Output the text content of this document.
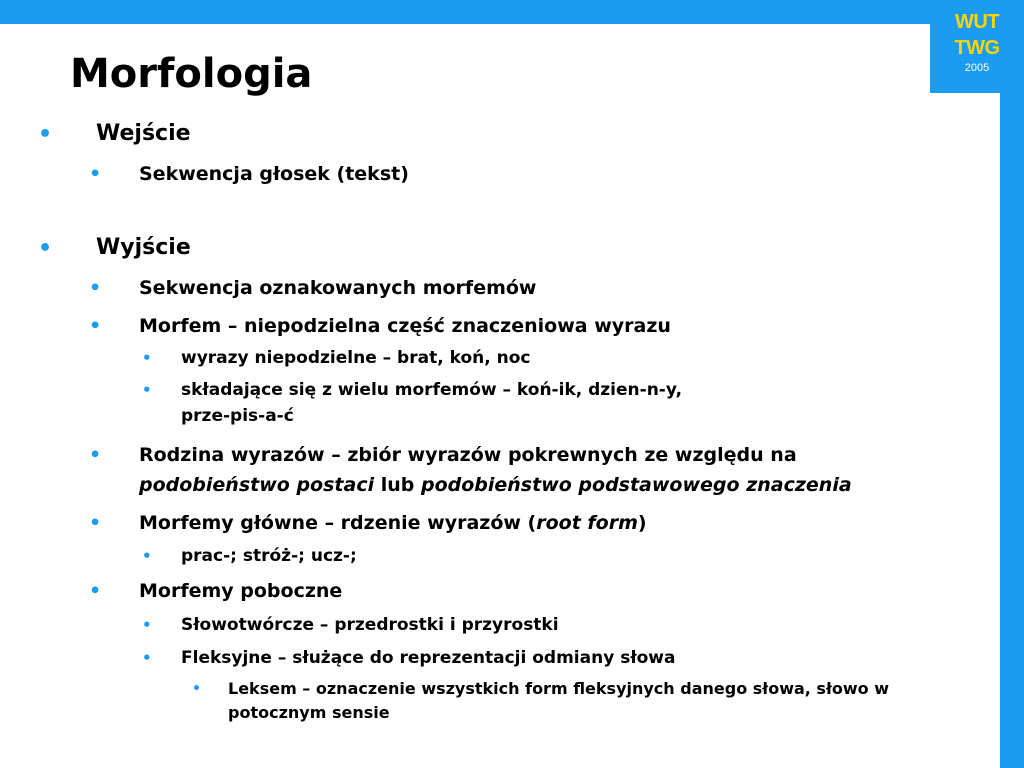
WUT
TWG
2005
Morfologia
• Wejście
• Sekwencja głosek (tekst)
• Wyjście
• Sekwencja oznakowanych morfemów
• Morfem – niepodzielna część znaczeniowa wyrazu
• wyrazy niepodzielne – brat, koń, noc
• składające się z wielu morfemów – koń-ik, dzien-n-y,
prze-pis-a-ć
• Rodzina wyrazów – zbiór wyrazów pokrewnych ze względu na
podobieństwo postaci lub podobieństwo podstawowego znaczenia
• Morfemy główne – rdzenie wyrazów (root form)
• prac-; stróż-; ucz-;
• Morfemy poboczne
• Słowotwórcze – przedrostki i przyrostki
• Fleksyjne – służące do reprezentacji odmiany słowa
• Leksem – oznaczenie wszystkich form fleksyjnych danego słowa, słowo w
potocznym sensie
